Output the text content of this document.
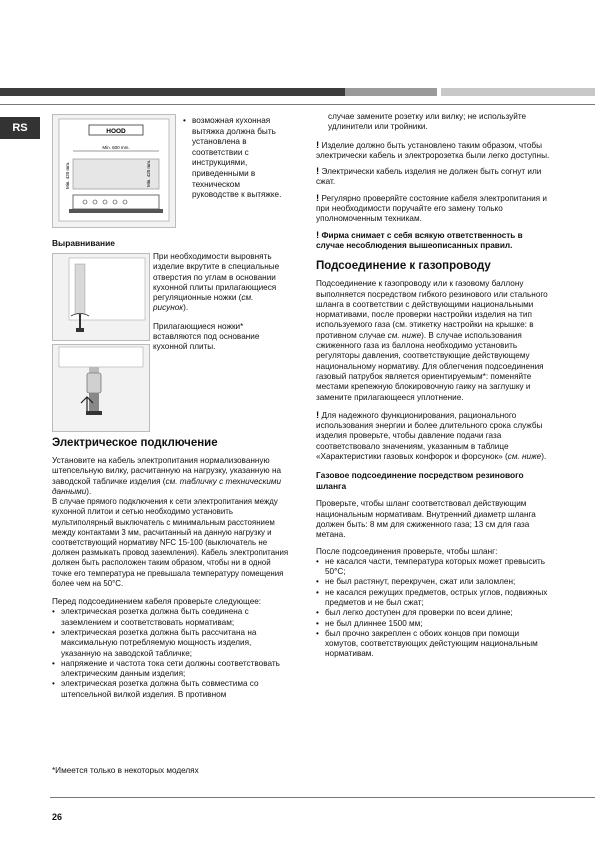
RS	HOOD
Min. 600 mm.
Min. 420 mm.	Min. 420 mm.
• возможная кухонная вытяжка должна быть установлена в соответствии с инструкциями, приведенными в техническом руководстве к вытяжке.
Выравнивание

При необходимости выровнять изделие вкрутите в специальные отверстия по углам в основании кухонной плиты прилагающиеся регуляционные ножки (см. рисунок).

Прилагающиеся ножки* вставляются под основание кухонной плиты.

Электрическое подключение

Установите на кабель электропитания нормализованную штепсельную вилку, расчитанную на нагрузку, указанную на заводской табличке изделия (см. табличку с техническими данными).

В случае прямого подключения к сети электропитания между кухонной плитои и сетью необходимо установить мультиполярный выключатель с минимальным расстоянием между контактами 3 мм, расчитанный на данную нагрузку и соответствующий нормативу NFC 15-100 (выключатель не должен размыкать провод заземления). Кабель электропитания должен быть расположен таким образом, чтобы ни в одной точке его температура не превышала температуру помещения более чем на 50°C.

Перед подсоединением кабеля проверьте следующее:

• электрическая розетка должна быть соединена с заземлением и соответствовать нормативам;
• электрическая розетка должна быть рассчитана на максимальную потребляемую мощность изделия, указанную на заводской табличке;
• напряжение и частота тока сети должны соответствовать электрическим данным изделия;
• электрическая розетка должна быть совместима со штепсельной вилкой изделия. В противном

*Имеется только в некоторых моделях

случае замените розетку или вилку; не используйте удлинители или тройники.

! Изделие должно быть установлено таким образом, чтобы электрически кабель и электророзетка были легко доступны.

! Электрически кабель изделия не должен быть согнут или сжат.

! Регулярно проверяйте состояние кабеля электропитания и при необходимости поручайте его замену только уполномоченным техникам.

! Фирма снимает с себя всякую ответственность в случае несоблюдения вышеописанных правил.

Подсоединение к газопроводу

Подсоединение к газопроводу или к газовому баллону выполняется посредством гибкого резинового или стального шланга в соответствии с действующими национальными нормативами, после проверки настройки изделия на тип используемого газа (см. этикетку настройки на крышке: в противном случае см. ниже). В случае использования сжиженного газа из баллона необходимо установить регуляторы давления, соответствующие действующему национальному нормативу. Для облегчения подсоединения газовый патрубок является ориентируемым*: поменяйте местами крепежную блокировочную гаику на заглушку и замените прилагающееся уплотнение.

! Для надежного функционирования, рационального использования энергии и более длительного срока службы изделия проверьте, чтобы давление подачи газа соответствовало значениям, указанным в таблице «Характеристики газовых конфорок и форсунок» (см. ниже).

Газовое подсоединение посредством резинового шланга

Проверьте, чтобы шланг соответствовал действующим национальным нормативам. Внутренний диаметр шланга должен быть: 8 мм для сжиженного газа; 13 см для газа метана.

После подсоединения проверьте, чтобы шланг:

• не касался части, температура которых может превысить 50°C;
• не был растянут, перекручен, сжат или заломлен;
• не касался режущих предметов, острых углов, подвижных предметов и не был сжат;
• был легко доступен для проверки по всеи длине;
• не был длиннее 1500 мм;
• был прочно закреплен с обоих концов при помощи хомутов, соответствующих дейстующим национальным нормативам.
26
